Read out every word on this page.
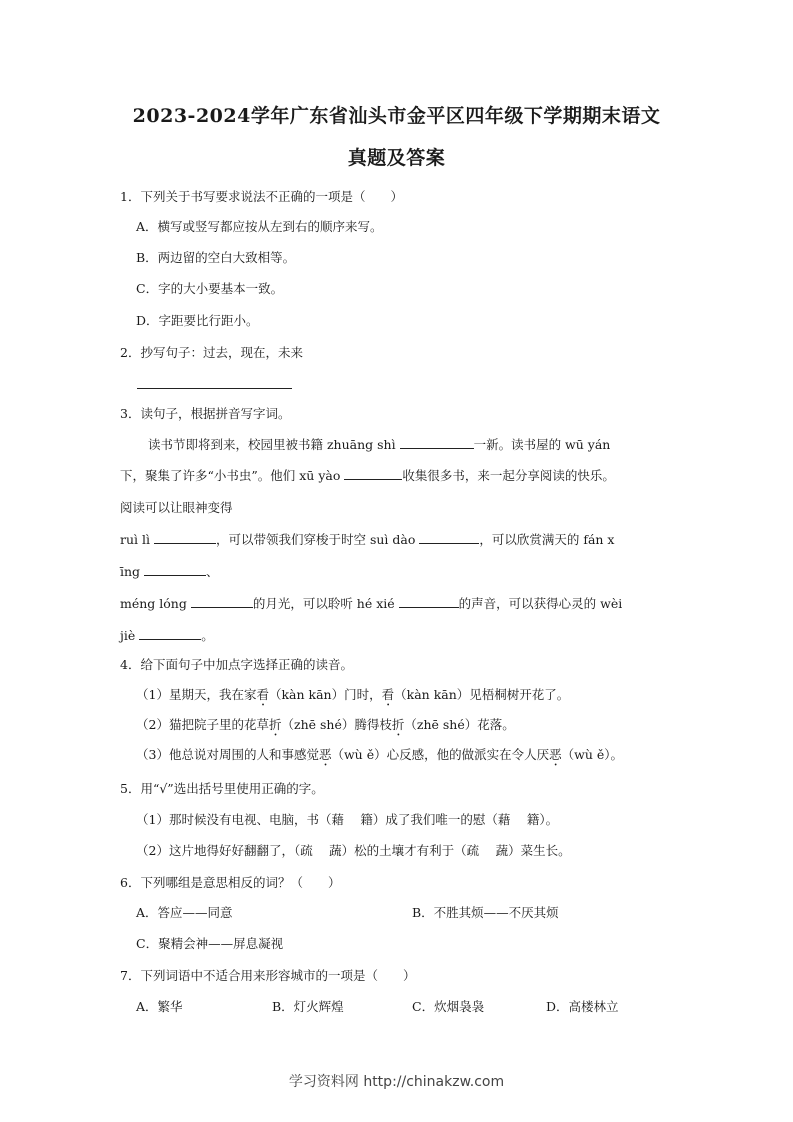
2023-2024学年广东省汕头市金平区四年级下学期期末语文
真题及答案
1．下列关于书写要求说法不正确的一项是（　　）
A．横写或竖写都应按从左到右的顺序来写。
B．两边留的空白大致相等。
C．字的大小要基本一致。
D．字距要比行距小。
2．抄写句子：过去，现在，未来
3．读句子，根据拼音写字词。
读书节即将到来，校园里被书籍 zhuāng shì	一新。读书屋的 wū yán
下，聚集了许多“小书虫”。他们 xū yào	收集很多书，来一起分享阅读的快乐。
阅读可以让眼神变得
ruì lì	，可以带领我们穿梭于时空 suì dào	，可以欣赏满天的 fán x
īng	、
méng lóng	的月光，可以聆听 hé xié	的声音，可以获得心灵的 wèi
jiè	。
4．给下面句子中加点字选择正确的读音。
（1）星期天，我在家看（kàn kān）门时，看（kàn kān）见梧桐树开花了。
（2）猫把院子里的花草折（zhē shé）腾得枝折（zhē shé）花落。
（3）他总说对周围的人和事感觉恶（wù ě）心反感，他的做派实在令人厌恶（wù ě）。
5．用“√”选出括号里使用正确的字。
（1）那时候没有电视、电脑，书（藉　 籍）成了我们唯一的慰（藉　 籍）。
（2）这片地得好好翻翻了，（疏　 蔬）松的土壤才有利于（疏　 蔬）菜生长。
6．下列哪组是意思相反的词？（　　）
A．答应——同意	B．不胜其烦——不厌其烦
C．聚精会神——屏息凝视
7．下列词语中不适合用来形容城市的一项是（　　）
A．繁华	B．灯火辉煌	C．炊烟袅袅	D．高楼林立
学习资料网 http://chinakzw.com
